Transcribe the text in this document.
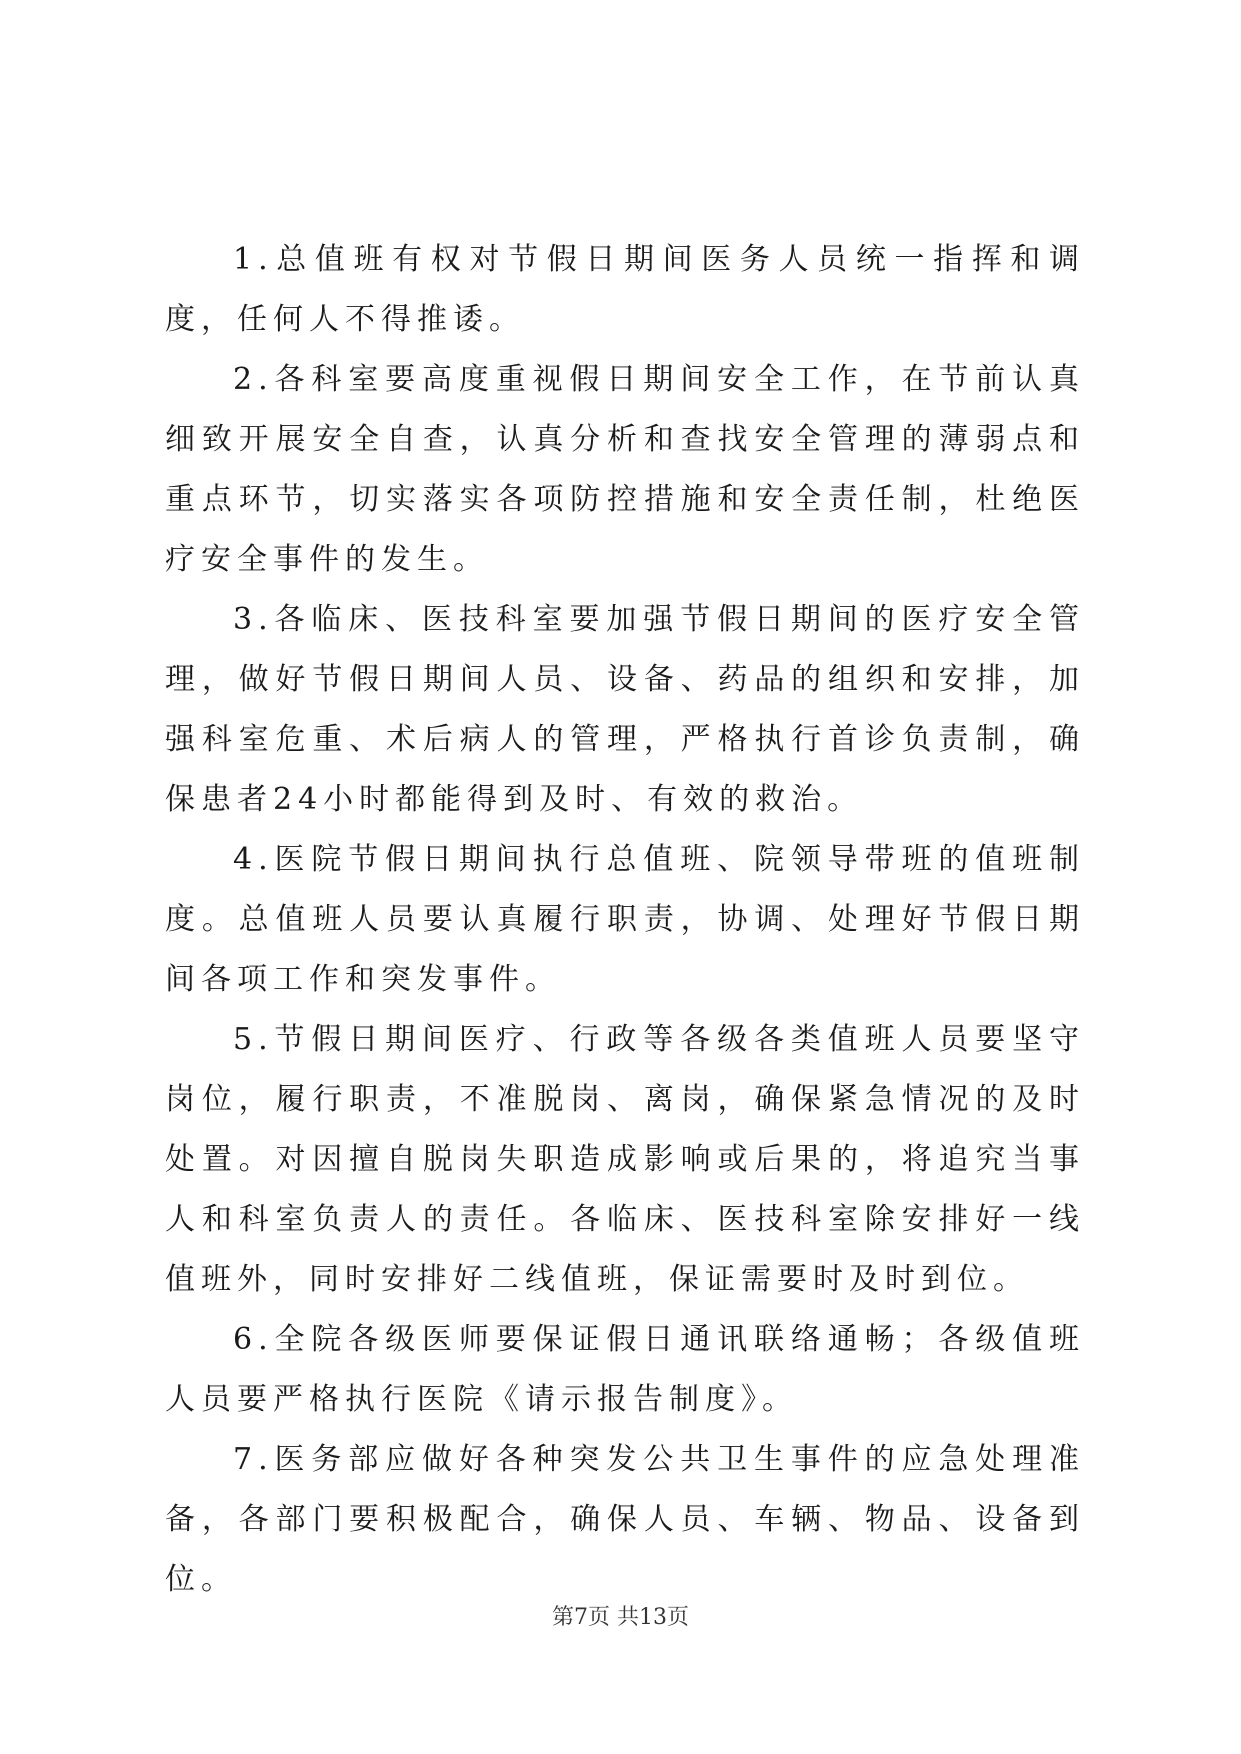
1.总值班有权对节假日期间医务人员统一指挥和调度，任何人不得推诿。

2.各科室要高度重视假日期间安全工作，在节前认真细致开展安全自查，认真分析和查找安全管理的薄弱点和重点环节，切实落实各项防控措施和安全责任制，杜绝医疗安全事件的发生。

3.各临床、医技科室要加强节假日期间的医疗安全管理，做好节假日期间人员、设备、药品的组织和安排，加强科室危重、术后病人的管理，严格执行首诊负责制，确保患者24小时都能得到及时、有效的救治。

4.医院节假日期间执行总值班、院领导带班的值班制度。总值班人员要认真履行职责，协调、处理好节假日期间各项工作和突发事件。

5.节假日期间医疗、行政等各级各类值班人员要坚守岗位，履行职责，不准脱岗、离岗，确保紧急情况的及时处置。对因擅自脱岗失职造成影响或后果的，将追究当事人和科室负责人的责任。各临床、医技科室除安排好一线值班外，同时安排好二线值班，保证需要时及时到位。

6.全院各级医师要保证假日通讯联络通畅；各级值班人员要严格执行医院《请示报告制度》。

7.医务部应做好各种突发公共卫生事件的应急处理准备，各部门要积极配合，确保人员、车辆、物品、设备到位。

第7页 共13页
